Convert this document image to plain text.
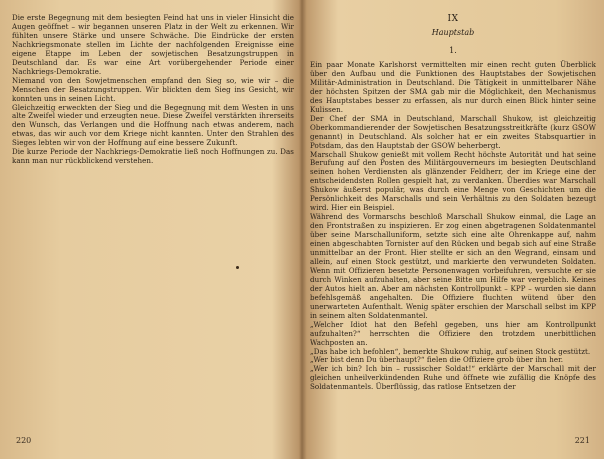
Die erste Begegnung mit dem besiegten Feind hat uns in vieler Hinsicht die Augen geöffnet – wir begannen unseren Platz in der Welt zu erkennen. Wir fühlten unsere Stärke und unsere Schwäche. Die Eindrücke der ersten Nachkriegsmonate stellen im Lichte der nachfolgenden Ereignisse eine eigene Etappe im Leben der sowjetischen Besatzungstruppen in Deutschland dar. Es war eine Art vorübergehender Periode einer Nachkriegs-Demokratie.

Niemand von den Sowjetmenschen empfand den Sieg so, wie wir – die Menschen der Besatzungstruppen. Wir blickten dem Sieg ins Gesicht, wir konnten uns in seinen Licht.

Gleichzeitig erweckten der Sieg und die Begegnung mit dem Westen in uns alte Zweifel wieder und erzeugten neue. Diese Zweifel verstärkten ihrerseits den Wunsch, das Verlangen und die Hoffnung nach etwas anderem, nach etwas, das wir auch vor dem Kriege nicht kannten. Unter den Strahlen des Sieges lebten wir von der Hoffnung auf eine bessere Zukunft.

Die kurze Periode der Nachkriegs-Demokratie ließ noch Hoffnungen zu. Das kann man nur rückblickend verstehen.

220
IX
Hauptstab
1.

Ein paar Monate Karlshorst vermittelten mir einen recht guten Überblick über den Aufbau und die Funktionen des Hauptstabes der Sowjetischen Militär-Administration in Deutschland. Die Tätigkeit in unmittelbarer Nähe der höchsten Spitzen der SMA gab mir die Möglichkeit, den Mechanismus des Hauptstabes besser zu erfassen, als nur durch einen Blick hinter seine Kulissen.

Der Chef der SMA in Deutschland, Marschall Shukow, ist gleichzeitig Oberkommandierender der Sowjetischen Besatzungsstreitkräfte (kurz GSOW genannt) in Deutschland. Als solcher hat er ein zweites Stabsquartier in Potsdam, das den Hauptstab der GSOW beherbergt.

Marschall Shukow genießt mit vollem Recht höchste Autorität und hat seine Berufung auf den Posten des Militärgouverneurs im besiegten Deutschland seinen hohen Verdiensten als glänzender Feldherr, der im Kriege eine der entscheidendsten Rollen gespielt hat, zu verdanken. Überdies war Marschall Shukow äußerst populär, was durch eine Menge von Geschichten um die Persönlichkeit des Marschalls und sein Verhältnis zu den Soldaten bezeugt wird. Hier ein Beispiel.

Während des Vormarschs beschloß Marschall Shukow einmal, die Lage an den Frontstraßen zu inspizieren. Er zog einen abgetragenen Soldatenmantel über seine Marschalluniform, setzte sich eine alte Ohrenkappe auf, nahm einen abgeschabten Tornister auf den Rücken und begab sich auf eine Straße unmittelbar an der Front. Hier stellte er sich an den Wegrand, einsam und allein, auf einen Stock gestützt, und markierte den verwundeten Soldaten. Wenn mit Offizieren besetzte Personenwagen vorbeifuhren, versuchte er sie durch Winken aufzuhalten, aber seine Bitte um Hilfe war vergeblich. Keines der Autos hielt an. Aber am nächsten Kontrollpunkt – KPP – wurden sie dann befehlsgemäß angehalten. Die Offiziere fluchten wütend über den unerwarteten Aufenthalt. Wenig später erschien der Marschall selbst im KPP in seinem alten Soldatenmantel.

„Welcher Idiot hat den Befehl gegeben, uns hier am Kontrollpunkt aufzuhalten?“ herrschten die Offiziere den trotzdem unerbittlichen Wachposten an.

„Das habe ich befohlen“, bemerkte Shukow ruhig, auf seinen Stock gestützt.

„Wer bist denn Du überhaupt?“ fielen die Offiziere grob über ihn her.

„Wer ich bin? Ich bin – russischer Soldat!“ erklärte der Marschall mit der gleichen unheilverkündenden Ruhe und öffnete wie zufällig die Knöpfe des Soldatenmantels. Überflüssig, das ratlose Entsetzen der

221
